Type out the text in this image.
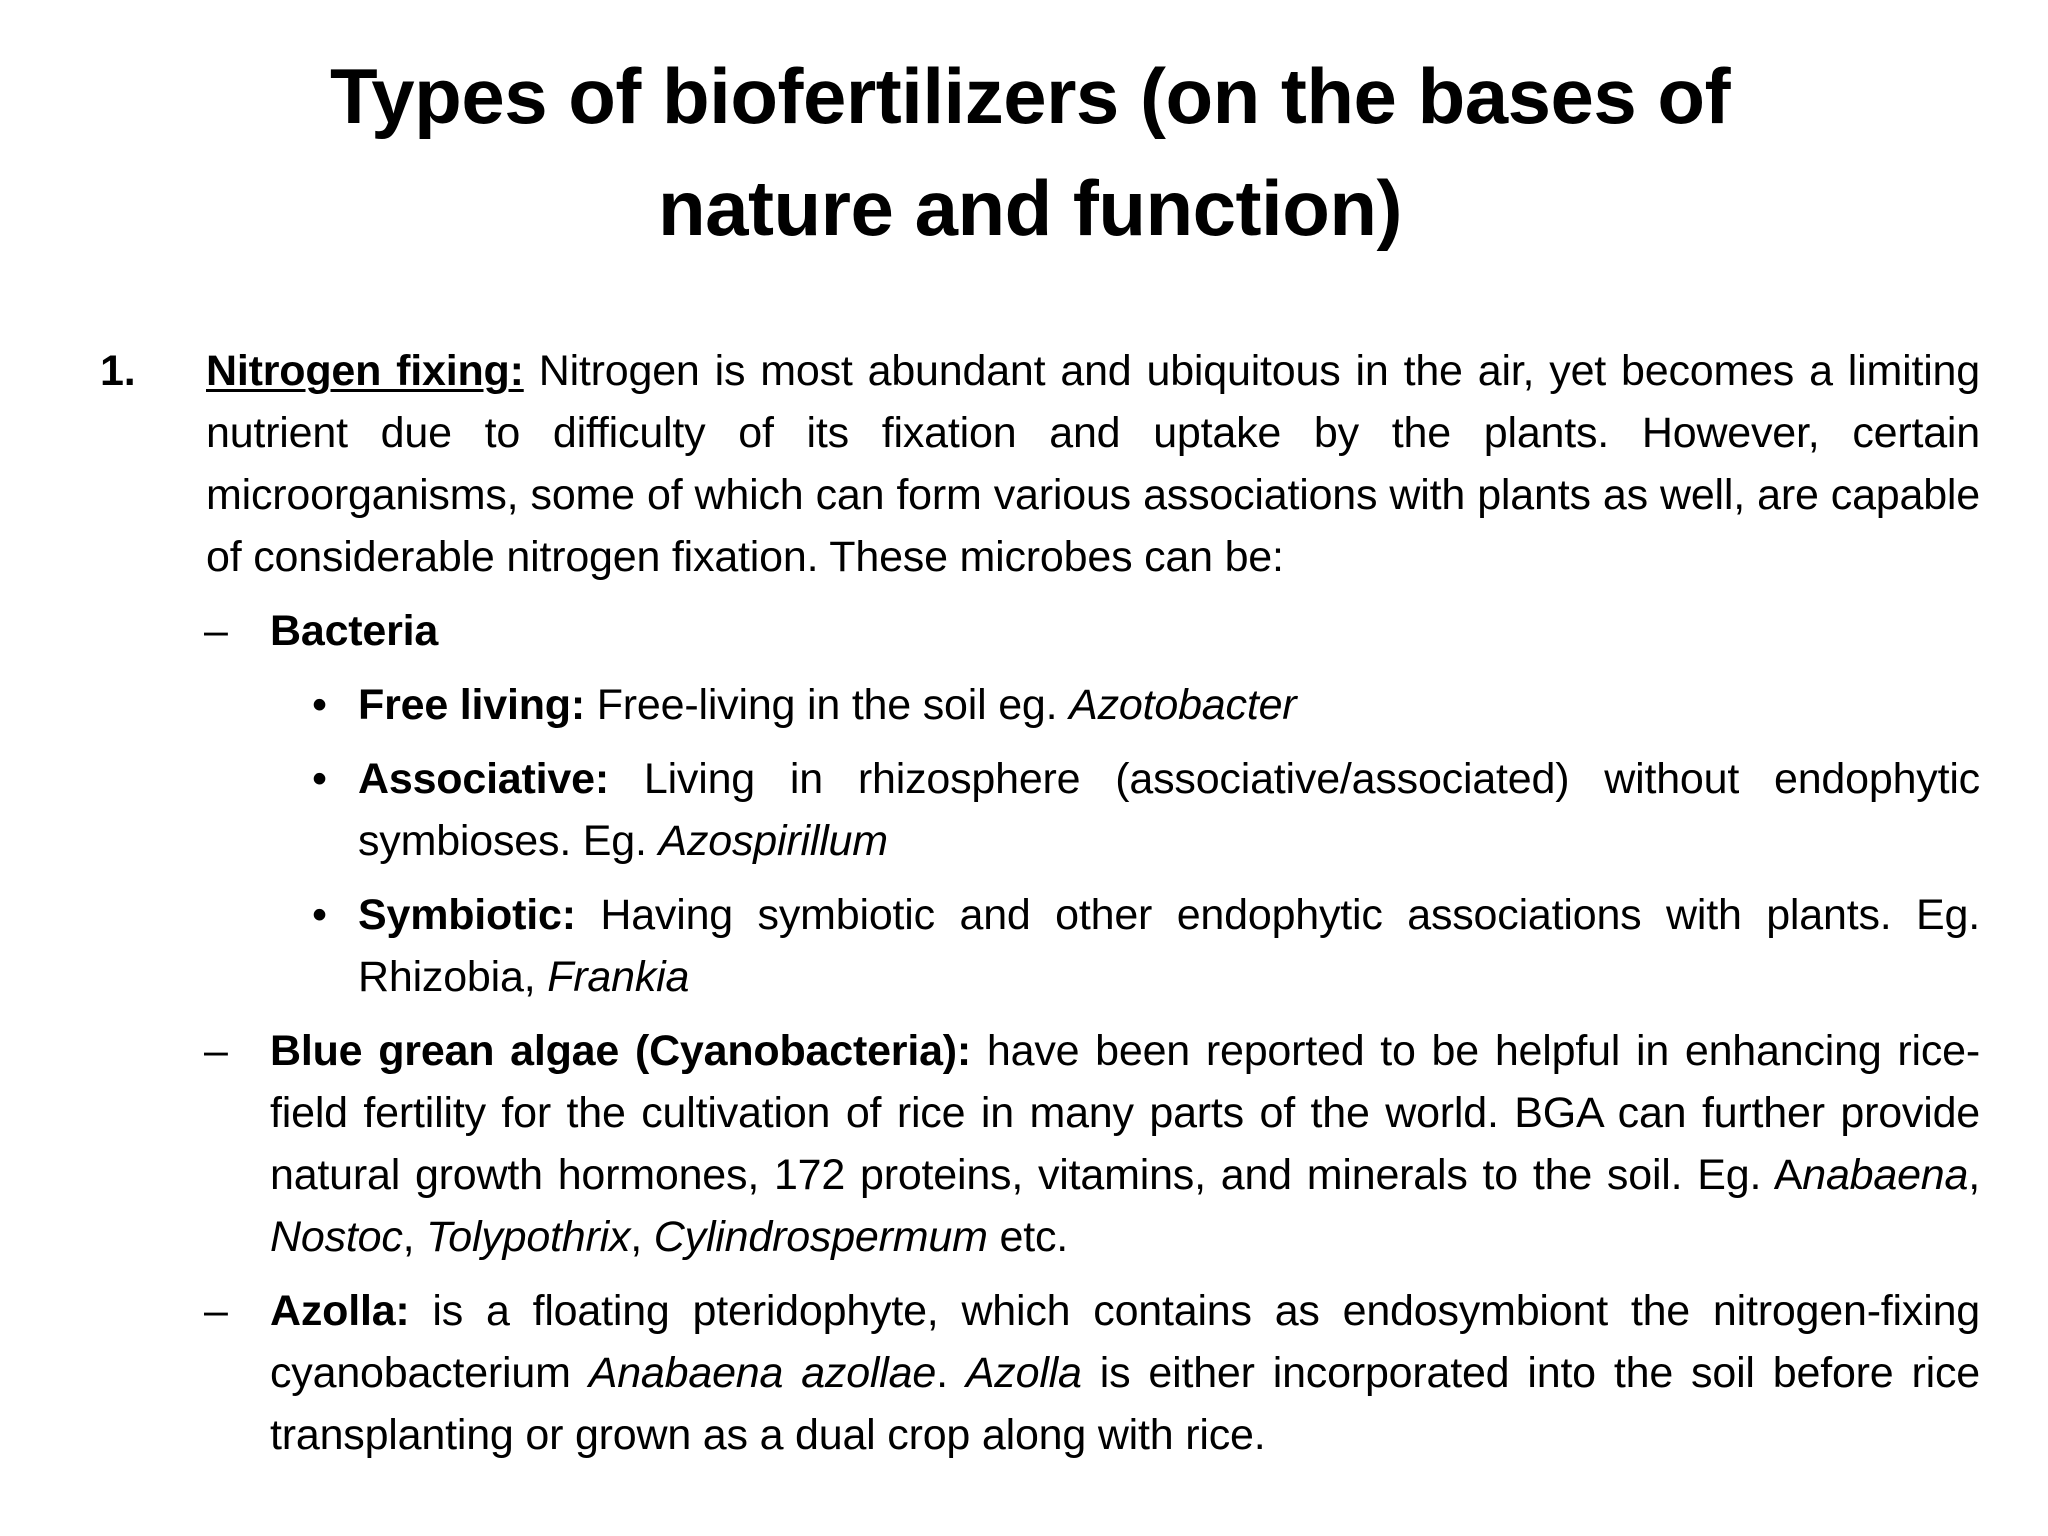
Types of biofertilizers (on the bases of
nature and function)
1. Nitrogen fixing: Nitrogen is most abundant and ubiquitous in the air, yet becomes a limiting nutrient due to difficulty of its fixation and uptake by the plants. However, certain microorganisms, some of which can form various associations with plants as well, are capable of considerable nitrogen fixation. These microbes can be:
– Bacteria
• Free living: Free-living in the soil eg. Azotobacter
• Associative: Living in rhizosphere (associative/associated) without endophytic symbioses. Eg. Azospirillum
• Symbiotic: Having symbiotic and other endophytic associations with plants. Eg. Rhizobia, Frankia
– Blue grean algae (Cyanobacteria): have been reported to be helpful in enhancing rice-field fertility for the cultivation of rice in many parts of the world. BGA can further provide natural growth hormones, 172 proteins, vitamins, and minerals to the soil. Eg. Anabaena, Nostoc, Tolypothrix, Cylindrospermum etc.
– Azolla: is a floating pteridophyte, which contains as endosymbiont the nitrogen-fixing cyanobacterium Anabaena azollae. Azolla is either incorporated into the soil before rice transplanting or grown as a dual crop along with rice.
